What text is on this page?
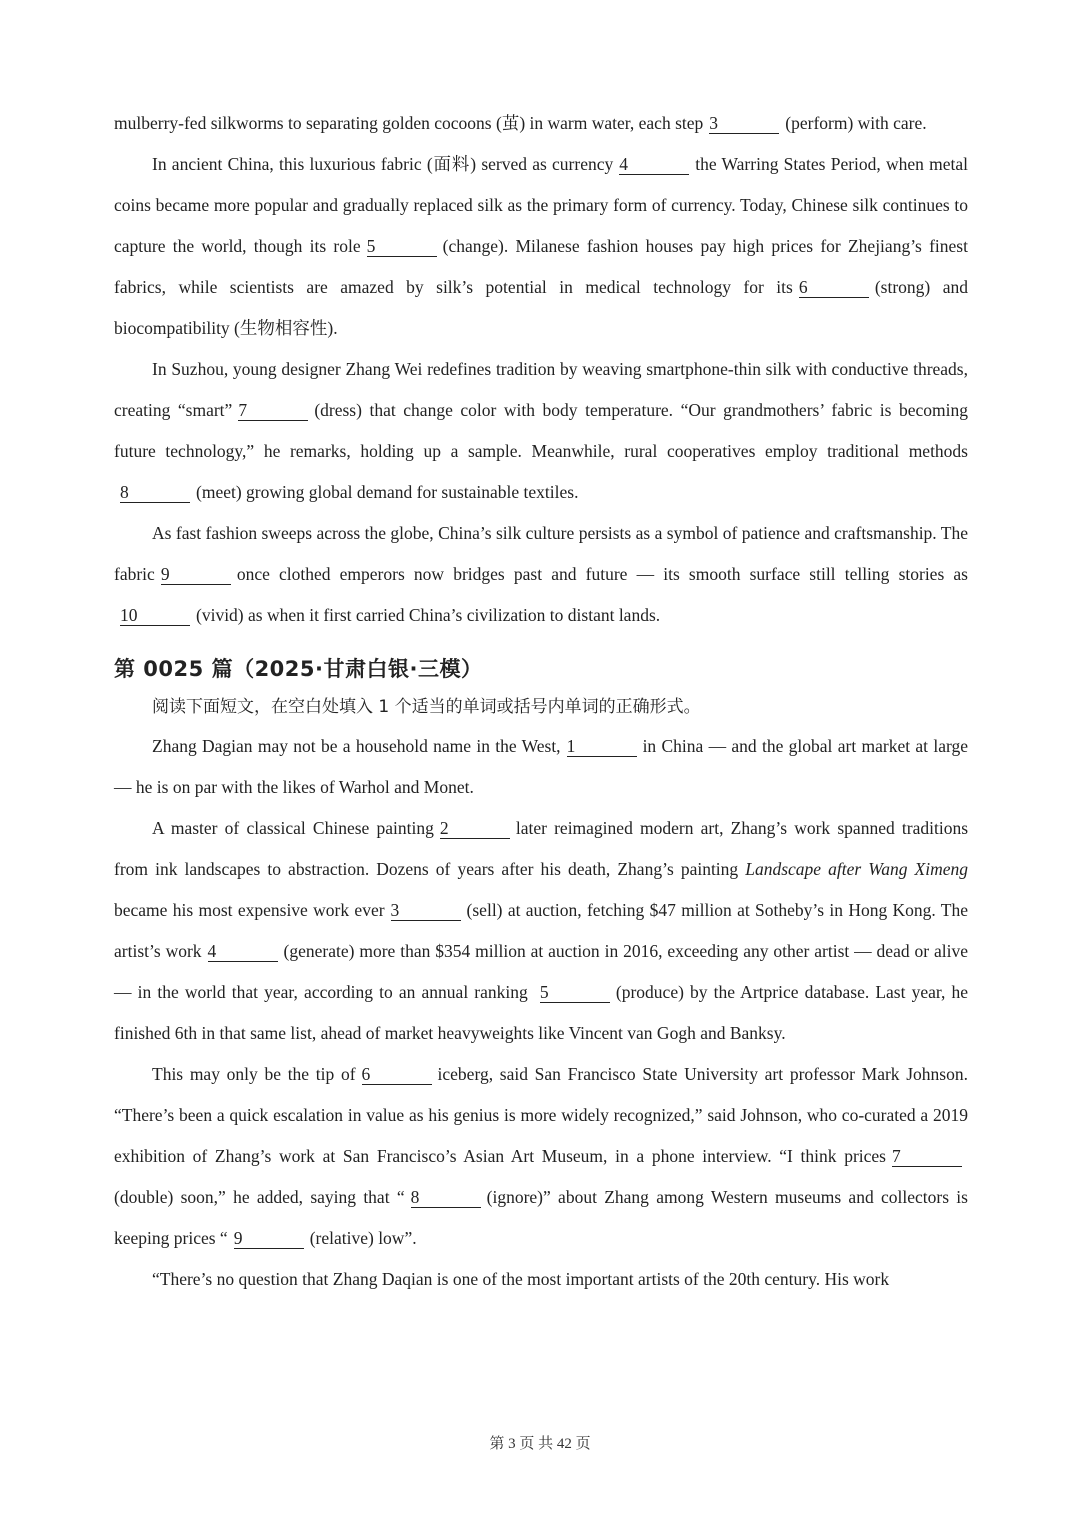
mulberry-fed silkworms to separating golden cocoons (茧) in warm water, each step 3	(perform) with care.

In ancient China, this luxurious fabric (面料) served as currency 4	the Warring States Period, when metal coins became more popular and gradually replaced silk as the primary form of currency. Today, Chinese silk continues to capture the world, though its role 5	(change). Milanese fashion houses pay high prices for Zhejiang’s finest fabrics, while scientists are amazed by silk’s potential in medical technology for its 6	(strong) and biocompatibility (生物相容性).

In Suzhou, young designer Zhang Wei redefines tradition by weaving smartphone-thin silk with conductive threads, creating “smart” 7	(dress) that change color with body temperature. “Our grandmothers’ fabric is becoming future technology,” he remarks, holding up a sample. Meanwhile, rural cooperatives employ traditional methods8	(meet) growing global demand for sustainable textiles.

As fast fashion sweeps across the globe, China’s silk culture persists as a symbol of patience and craftsmanship. The fabric 9	once clothed emperors now bridges past and future — its smooth surface still telling stories as10	(vivid) as when it first carried China’s civilization to distant lands.

第 0025 篇（2025·甘肃白银·三模）

阅读下面短文，在空白处填入 1 个适当的单词或括号内单词的正确形式。

Zhang Dagian may not be a household name in the West, 1	in China — and the global art market at large — he is on par with the likes of Warhol and Monet.

A master of classical Chinese painting 2	later reimagined modern art, Zhang’s work spanned traditions from ink landscapes to abstraction. Dozens of years after his death, Zhang’s painting Landscape after Wang Ximeng became his most expensive work ever 3	(sell) at auction, fetching $47 million at Sotheby’s in Hong Kong. The artist’s work 4	(generate) more than $354 million at auction in 2016, exceeding any other artist — dead or alive — in the world that year, according to an annual ranking 5	(produce) by the Artprice database. Last year, he finished 6th in that same list, ahead of market heavyweights like Vincent van Gogh and Banksy.

This may only be the tip of 6	iceberg, said San Francisco State University art professor Mark Johnson. “There’s been a quick escalation in value as his genius is more widely recognized,” said Johnson, who co-curated a 2019 exhibition of Zhang’s work at San Francisco’s Asian Art Museum, in a phone interview. “I think prices 7(double) soon,” he added, saying that “ 8	(ignore)” about Zhang among Western museums and collectors is keeping prices “ 9	(relative) low”.

“There’s no question that Zhang Daqian is one of the most important artists of the 20th century. His work

第 3 页 共 42 页
